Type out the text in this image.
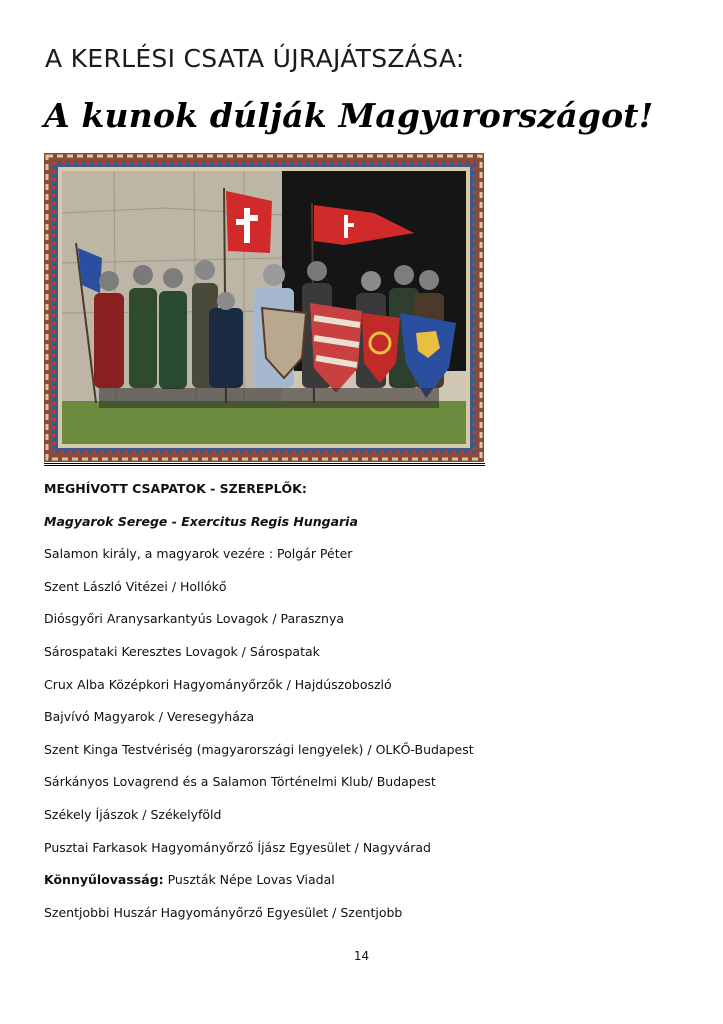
A KERLÉSI CSATA ÚJRAJÁTSZÁSA:
A kunok dúlják Magyarországot!
MEGHÍVOTT CSAPATOK - SZEREPLŐK:
Magyarok Serege - Exercitus Regis Hungaria
Salamon király, a magyarok vezére : Polgár Péter
Szent László Vitézei / Hollókő
Diósgyőri Aranysarkantyús Lovagok / Parasznya
Sárospataki Keresztes Lovagok / Sárospatak
Crux Alba Középkori Hagyományőrzők / Hajdúszoboszló
Bajvívó Magyarok / Veresegyháza
Szent Kinga Testvériség (magyarországi lengyelek) / OLKŐ-Budapest
Sárkányos Lovagrend és a Salamon Történelmi Klub/ Budapest
Székely Íjászok / Székelyföld
Pusztai Farkasok Hagyományőrző Íjász Egyesület / Nagyvárad
Könnyűlovasság: Puszták Népe Lovas Viadal
Szentjobbi Huszár Hagyományőrző Egyesület / Szentjobb
14
